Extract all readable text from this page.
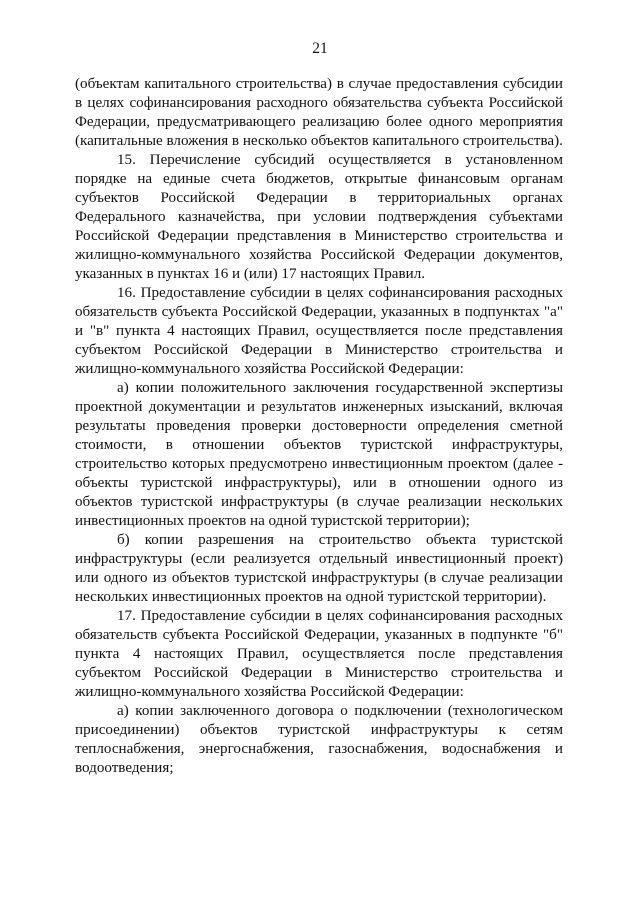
21

(объектам капитального строительства) в случае предоставления субсидии в целях софинансирования расходного обязательства субъекта Российской Федерации, предусматривающего реализацию более одного мероприятия (капитальные вложения в несколько объектов капитального строительства).

15. Перечисление субсидий осуществляется в установленном порядке на единые счета бюджетов, открытые финансовым органам субъектов Российской Федерации в территориальных органах Федерального казначейства, при условии подтверждения субъектами Российской Федерации представления в Министерство строительства и жилищно-коммунального хозяйства Российской Федерации документов, указанных в пунктах 16 и (или) 17 настоящих Правил.

16. Предоставление субсидии в целях софинансирования расходных обязательств субъекта Российской Федерации, указанных в подпунктах "а" и "в" пункта 4 настоящих Правил, осуществляется после представления субъектом Российской Федерации в Министерство строительства и жилищно-коммунального хозяйства Российской Федерации:

а) копии положительного заключения государственной экспертизы проектной документации и результатов инженерных изысканий, включая результаты проведения проверки достоверности определения сметной стоимости, в отношении объектов туристской инфраструктуры, строительство которых предусмотрено инвестиционным проектом (далее - объекты туристской инфраструктуры), или в отношении одного из объектов туристской инфраструктуры (в случае реализации нескольких инвестиционных проектов на одной туристской территории);

б) копии разрешения на строительство объекта туристской инфраструктуры (если реализуется отдельный инвестиционный проект) или одного из объектов туристской инфраструктуры (в случае реализации нескольких инвестиционных проектов на одной туристской территории).

17. Предоставление субсидии в целях софинансирования расходных обязательств субъекта Российской Федерации, указанных в подпункте "б" пункта 4 настоящих Правил, осуществляется после представления субъектом Российской Федерации в Министерство строительства и жилищно-коммунального хозяйства Российской Федерации:

а) копии заключенного договора о подключении (технологическом присоединении) объектов туристской инфраструктуры к сетям теплоснабжения, энергоснабжения, газоснабжения, водоснабжения и водоотведения;
